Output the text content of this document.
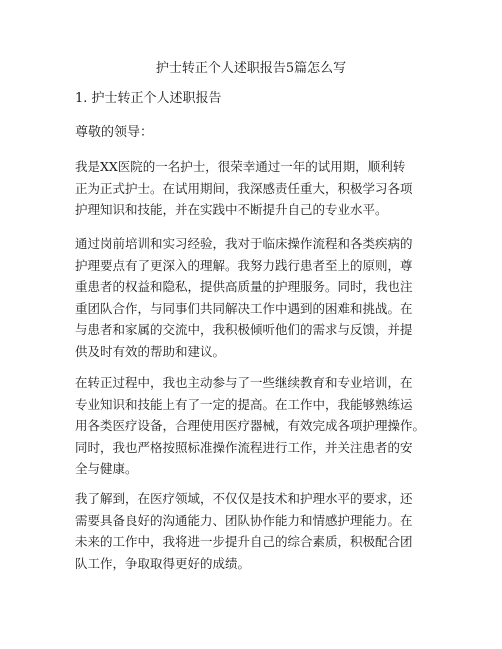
护士转正个人述职报告5篇怎么写
1. 护士转正个人述职报告
尊敬的领导：
我是XX医院的一名护士，很荣幸通过一年的试用期，顺利转
正为正式护士。在试用期间，我深感责任重大，积极学习各项
护理知识和技能，并在实践中不断提升自己的专业水平。
通过岗前培训和实习经验，我对于临床操作流程和各类疾病的
护理要点有了更深入的理解。我努力践行患者至上的原则，尊
重患者的权益和隐私，提供高质量的护理服务。同时，我也注
重团队合作，与同事们共同解决工作中遇到的困难和挑战。在
与患者和家属的交流中，我积极倾听他们的需求与反馈，并提
供及时有效的帮助和建议。
在转正过程中，我也主动参与了一些继续教育和专业培训，在
专业知识和技能上有了一定的提高。在工作中，我能够熟练运
用各类医疗设备，合理使用医疗器械，有效完成各项护理操作。
同时，我也严格按照标准操作流程进行工作，并关注患者的安
全与健康。
我了解到，在医疗领域，不仅仅是技术和护理水平的要求，还
需要具备良好的沟通能力、团队协作能力和情感护理能力。在
未来的工作中，我将进一步提升自己的综合素质，积极配合团
队工作，争取取得更好的成绩。
